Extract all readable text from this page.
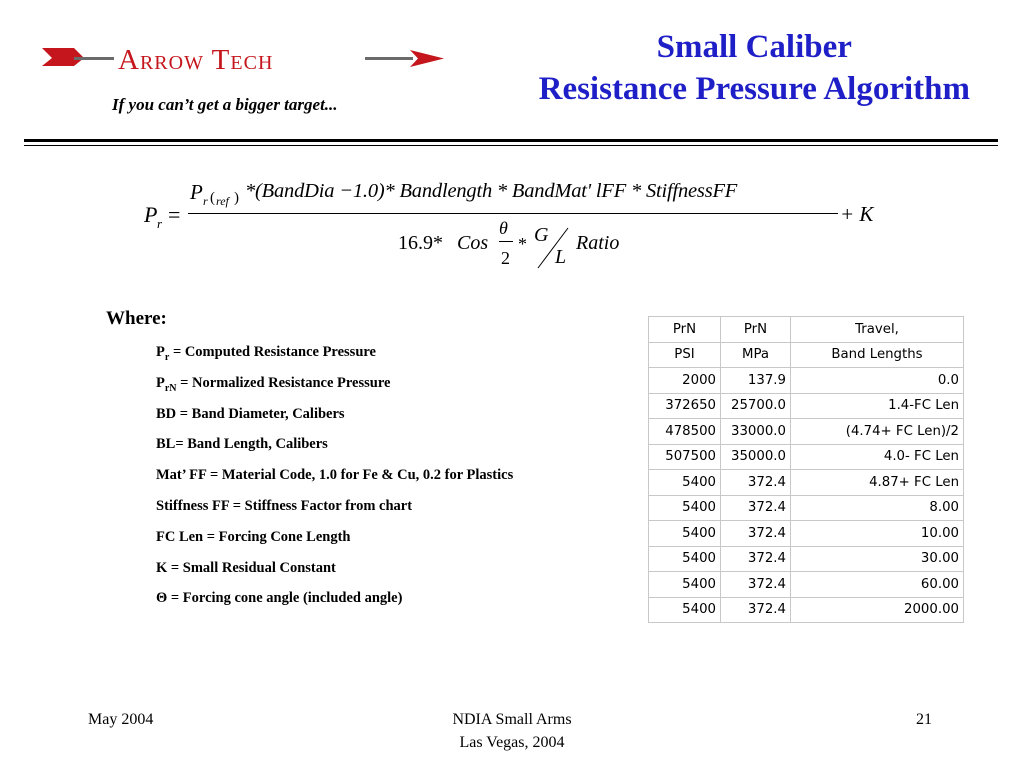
Arrow Tech
If you can’t get a bigger target...
Small Caliber
Resistance Pressure Algorithm
P r =
P r ( ref ) *(BandDia −1.0)* Bandlength * BandMat' lFF * StiffnessFF
+ K
16.9* Cos
θ
2
* G
L
Ratio
Where:
$P_r$ = Computed Resistance Pressure
$P_{rN}$ = Normalized Resistance Pressure
BD = Band Diameter, Calibers
BL= Band Length, Calibers
Mat’ FF = Material Code, 1.0 for Fe & Cu, 0.2 for Plastics
Stiffness FF = Stiffness Factor from chart
FC Len = Forcing Cone Length
K = Small Residual Constant
Θ = Forcing cone angle (included angle)
PrN	PrN	Travel,
PSI	MPa	Band Lengths
2000	137.9	0.0
372650	25700.0	1.4-FC Len
478500	33000.0	(4.74+ FC Len)/2
507500	35000.0	4.0- FC Len
5400	372.4	4.87+ FC Len
5400	372.4	8.00
5400	372.4	10.00
5400	372.4	30.00
5400	372.4	60.00
5400	372.4	2000.00
May 2004	NDIA Small Arms
Las Vegas, 2004
21
